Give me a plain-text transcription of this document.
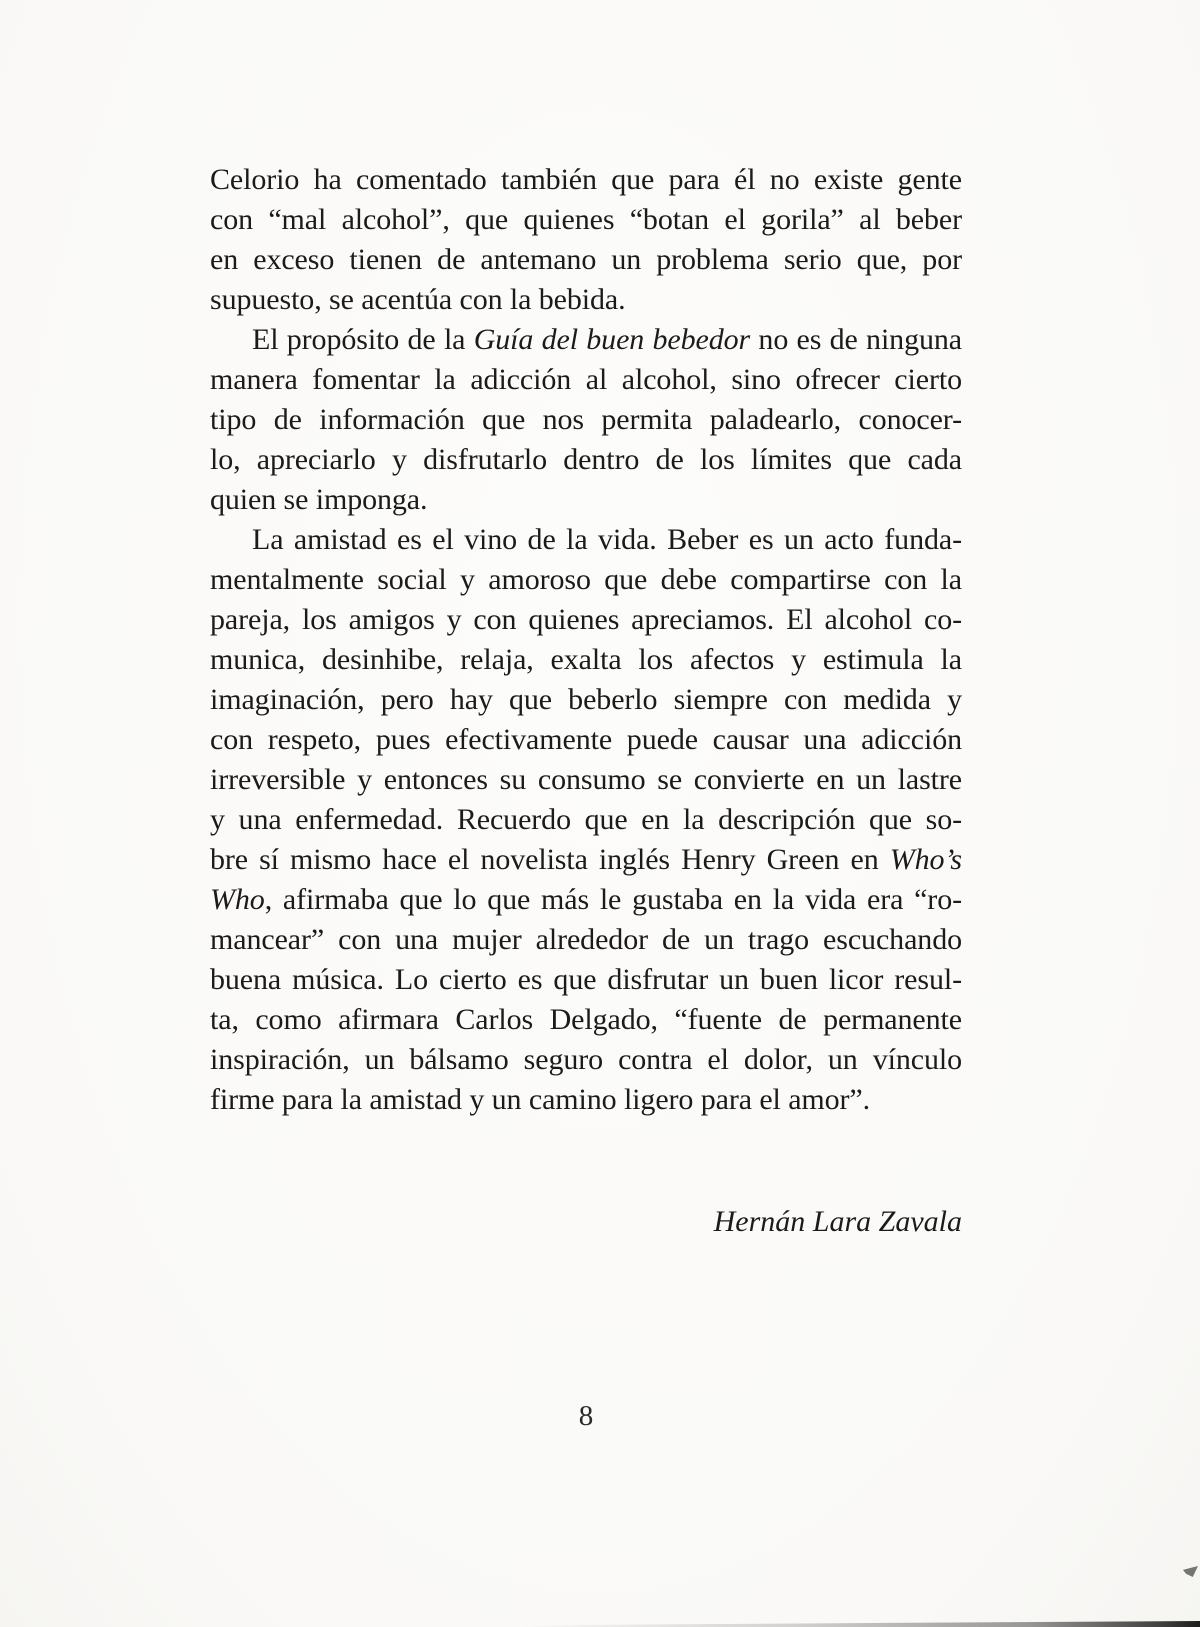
Celorio ha comentado también que para él no existe gente
con “mal alcohol”, que quienes “botan el gorila” al beber
en exceso tienen de antemano un problema serio que, por
supuesto, se acentúa con la bebida.
El propósito de la Guía del buen bebedor no es de ninguna
manera fomentar la adicción al alcohol, sino ofrecer cierto
tipo de información que nos permita paladearlo, conocer-
lo, apreciarlo y disfrutarlo dentro de los límites que cada
quien se imponga.
La amistad es el vino de la vida. Beber es un acto funda-
mentalmente social y amoroso que debe compartirse con la
pareja, los amigos y con quienes apreciamos. El alcohol co-
munica, desinhibe, relaja, exalta los afectos y estimula la
imaginación, pero hay que beberlo siempre con medida y
con respeto, pues efectivamente puede causar una adicción
irreversible y entonces su consumo se convierte en un lastre
y una enfermedad. Recuerdo que en la descripción que so-
bre sí mismo hace el novelista inglés Henry Green en Who’s
Who, afirmaba que lo que más le gustaba en la vida era “ro-
mancear” con una mujer alrededor de un trago escuchando
buena música. Lo cierto es que disfrutar un buen licor resul-
ta, como afirmara Carlos Delgado, “fuente de permanente
inspiración, un bálsamo seguro contra el dolor, un vínculo
firme para la amistad y un camino ligero para el amor”.
Hernán Lara Zavala
8
